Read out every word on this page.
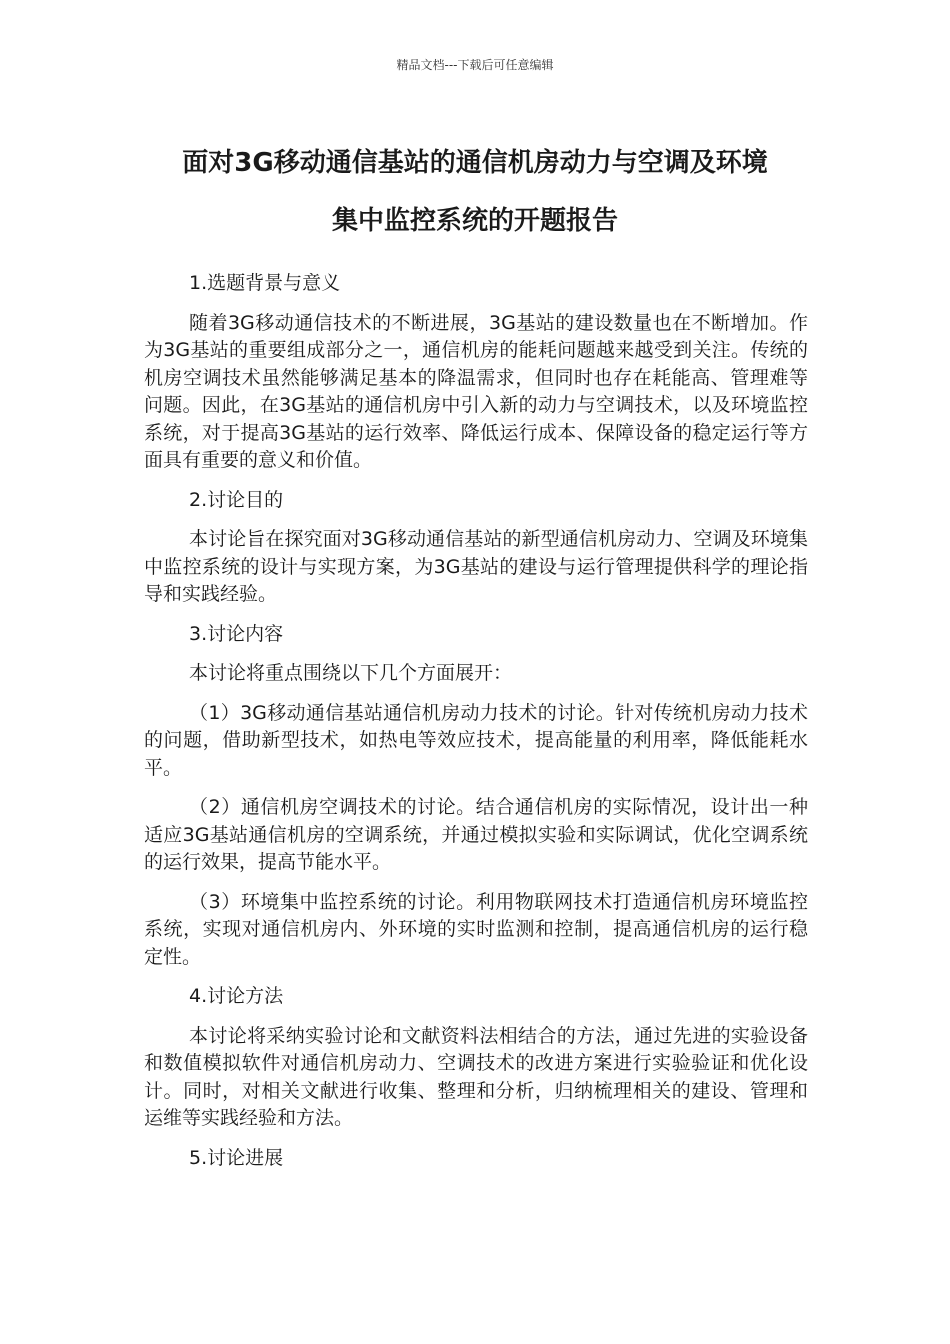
精品文档---下载后可任意编辑
面对3G移动通信基站的通信机房动力与空调及环境
集中监控系统的开题报告

1.选题背景与意义

随着3G移动通信技术的不断进展，3G基站的建设数量也在不断增加。作为3G基站的重要组成部分之一，通信机房的能耗问题越来越受到关注。传统的机房空调技术虽然能够满足基本的降温需求，但同时也存在耗能高、管理难等问题。因此，在3G基站的通信机房中引入新的动力与空调技术，以及环境监控系统，对于提高3G基站的运行效率、降低运行成本、保障设备的稳定运行等方面具有重要的意义和价值。

2.讨论目的

本讨论旨在探究面对3G移动通信基站的新型通信机房动力、空调及环境集中监控系统的设计与实现方案，为3G基站的建设与运行管理提供科学的理论指导和实践经验。

3.讨论内容

本讨论将重点围绕以下几个方面展开：

（1）3G移动通信基站通信机房动力技术的讨论。针对传统机房动力技术的问题，借助新型技术，如热电等效应技术，提高能量的利用率，降低能耗水平。

（2）通信机房空调技术的讨论。结合通信机房的实际情况，设计出一种适应3G基站通信机房的空调系统，并通过模拟实验和实际调试，优化空调系统的运行效果，提高节能水平。

（3）环境集中监控系统的讨论。利用物联网技术打造通信机房环境监控系统，实现对通信机房内、外环境的实时监测和控制，提高通信机房的运行稳定性。

4.讨论方法

本讨论将采纳实验讨论和文献资料法相结合的方法，通过先进的实验设备和数值模拟软件对通信机房动力、空调技术的改进方案进行实验验证和优化设计。同时，对相关文献进行收集、整理和分析，归纳梳理相关的建设、管理和运维等实践经验和方法。

5.讨论进展
